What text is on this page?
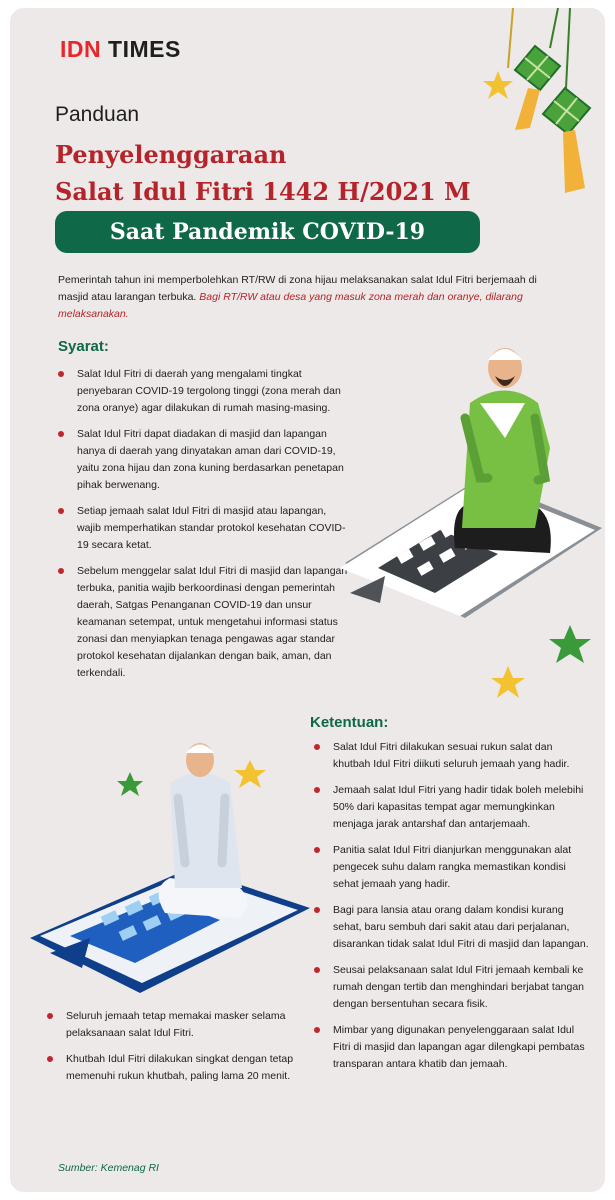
IDN TIMES
Panduan
Penyelenggaraan
Salat Idul Fitri 1442 H/2021 M
Saat Pandemik COVID-19
Pemerintah tahun ini memperbolehkan RT/RW di zona hijau melaksanakan salat Idul Fitri berjemaah di masjid atau larangan terbuka. Bagi RT/RW atau desa yang masuk zona merah dan oranye, dilarang melaksanakan.
Syarat:
Salat Idul Fitri di daerah yang mengalami tingkat penyebaran COVID-19 tergolong tinggi (zona merah dan zona oranye) agar dilakukan di rumah masing-masing.
Salat Idul Fitri dapat diadakan di masjid dan lapangan hanya di daerah yang dinyatakan aman dari COVID-19, yaitu zona hijau dan zona kuning berdasarkan penetapan pihak berwenang.
Setiap jemaah salat Idul Fitri di masjid atau lapangan, wajib memperhatikan standar protokol kesehatan COVID-19 secara ketat.
Sebelum menggelar salat Idul Fitri di masjid dan lapangan terbuka, panitia wajib berkoordinasi dengan pemerintah daerah, Satgas Penanganan COVID-19 dan unsur keamanan setempat, untuk mengetahui informasi status zonasi dan menyiapkan tenaga pengawas agar standar protokol kesehatan dijalankan dengan baik, aman, dan terkendali.
Ketentuan:
Salat Idul Fitri dilakukan sesuai rukun salat dan khutbah Idul Fitri diikuti seluruh jemaah yang hadir.
Jemaah salat Idul Fitri yang hadir tidak boleh melebihi 50% dari kapasitas tempat agar memungkinkan menjaga jarak antarshaf dan antarjemaah.
Panitia salat Idul Fitri dianjurkan menggunakan alat pengecek suhu dalam rangka memastikan kondisi sehat jemaah yang hadir.
Bagi para lansia atau orang dalam kondisi kurang sehat, baru sembuh dari sakit atau dari perjalanan, disarankan tidak salat Idul Fitri di masjid dan lapangan.
Seusai pelaksanaan salat Idul Fitri jemaah kembali ke rumah dengan tertib dan menghindari berjabat tangan dengan bersentuhan secara fisik.
Mimbar yang digunakan penyelenggaraan salat Idul Fitri di masjid dan lapangan agar dilengkapi pembatas transparan antara khatib dan jemaah.
Seluruh jemaah tetap memakai masker selama pelaksanaan salat Idul Fitri.
Khutbah Idul Fitri dilakukan singkat dengan tetap memenuhi rukun khutbah, paling lama 20 menit.
Sumber: Kemenag RI
